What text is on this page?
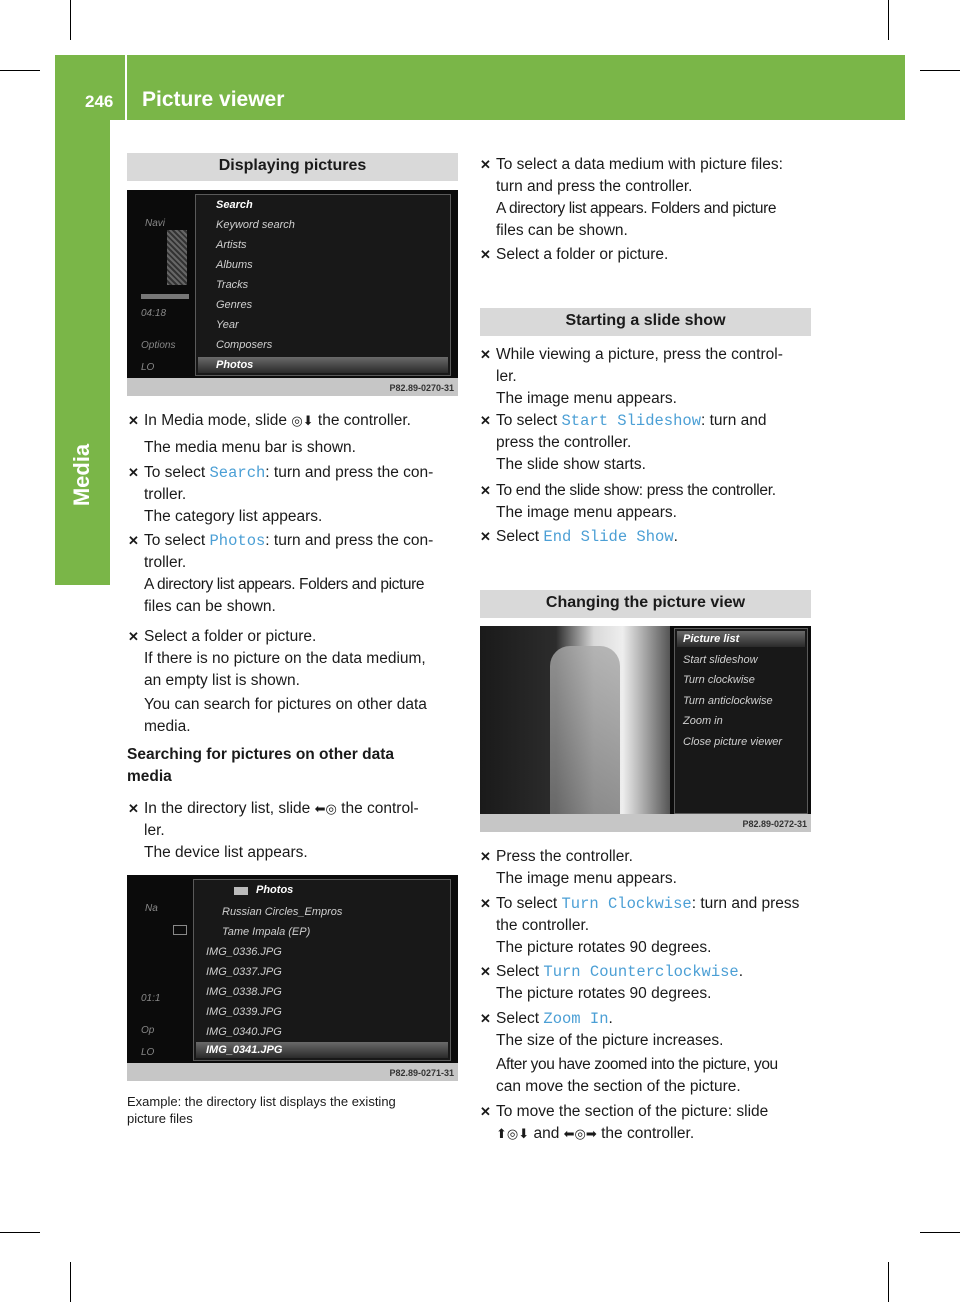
246 Picture viewer
Media
Displaying pictures
Navi
04:18
Options
LO
Search
Keyword search
Artists
Albums
Tracks
Genres
Year
Composers
Photos
P82.89-0270-31
✕ In Media mode, slide ◎⬇ the controller.
The media menu bar is shown.
✕ To select Search: turn and press the con-
troller.
The category list appears.
✕ To select Photos: turn and press the con-
troller.
A directory list appears. Folders and picture
files can be shown.
✕ Select a folder or picture.
If there is no picture on the data medium,
an empty list is shown.
You can search for pictures on other data
media.
Searching for pictures on other data
media
✕ In the directory list, slide ⬅◎ the control-
ler.
The device list appears.
Na
01:1
Op
LO
Photos
Russian Circles_Empros
Tame Impala (EP)
IMG_0336.JPG
IMG_0337.JPG
IMG_0338.JPG
IMG_0339.JPG
IMG_0340.JPG
IMG_0341.JPG
P82.89-0271-31
Example: the directory list displays the existing
picture files
✕ To select a data medium with picture files:
turn and press the controller.
A directory list appears. Folders and picture
files can be shown.
✕ Select a folder or picture.
Starting a slide show
✕ While viewing a picture, press the control-
ler.
The image menu appears.
✕ To select Start Slideshow: turn and
press the controller.
The slide show starts.
✕ To end the slide show: press the controller.
The image menu appears.
✕ Select End Slide Show.
Changing the picture view
Picture list
Start slideshow
Turn clockwise
Turn anticlockwise
Zoom in
Close picture viewer
P82.89-0272-31
✕ Press the controller.
The image menu appears.
✕ To select Turn Clockwise: turn and press
the controller.
The picture rotates 90 degrees.
✕ Select Turn Counterclockwise.
The picture rotates 90 degrees.
✕ Select Zoom In.
The size of the picture increases.
After you have zoomed into the picture, you
can move the section of the picture.
✕ To move the section of the picture: slide
⬆◎⬇ and ⬅◎➡ the controller.
